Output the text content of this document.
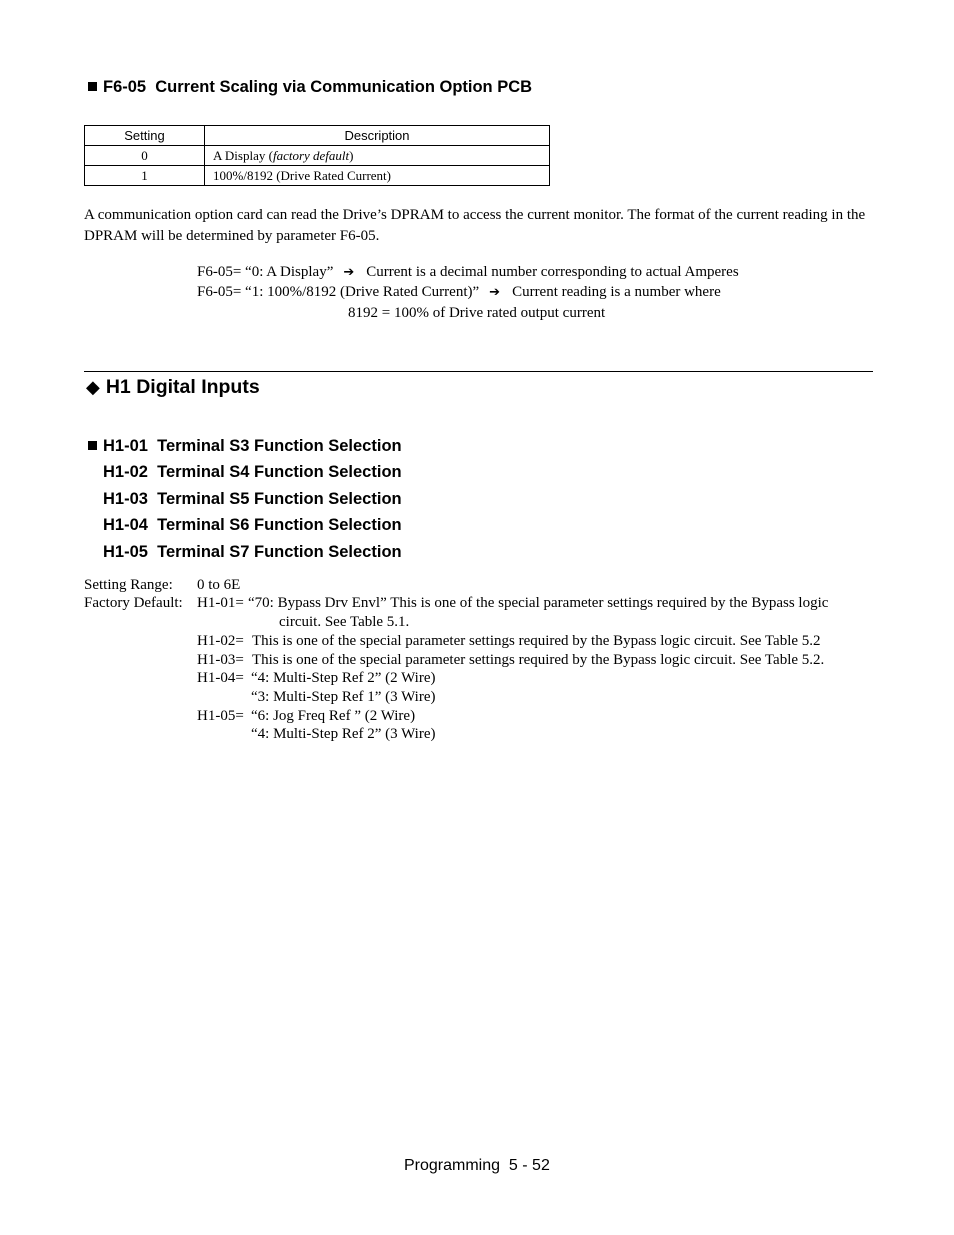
F6-05  Current Scaling via Communication Option PCB
Setting	Description
0	A Display (factory default)
1	100%/8192 (Drive Rated Current)
A communication option card can read the Drive’s DPRAM to access the current monitor. The format of the current reading in the DPRAM will be determined by parameter F6-05.
F6-05= “0: A Display” ➔ Current is a decimal number corresponding to actual Amperes
F6-05= “1: 100%/8192 (Drive Rated Current)” ➔ Current reading is a number where
8192 = 100% of Drive rated output current
◆ H1 Digital Inputs
H1-01  Terminal S3 Function Selection
H1-02  Terminal S4 Function Selection
H1-03  Terminal S5 Function Selection
H1-04  Terminal S6 Function Selection
H1-05  Terminal S7 Function Selection
Setting Range: 0 to 6E
Factory Default: H1-01= “70: Bypass Drv Envl” This is one of the special parameter settings required by the Bypass logic
circuit. See Table 5.1.
H1-02= This is one of the special parameter settings required by the Bypass logic circuit. See Table 5.2
H1-03= This is one of the special parameter settings required by the Bypass logic circuit. See Table 5.2.
H1-04= “4: Multi-Step Ref 2” (2 Wire)
“3: Multi-Step Ref 1” (3 Wire)
H1-05= “6: Jog Freq Ref ” (2 Wire)
“4: Multi-Step Ref 2” (3 Wire)
Programming  5 - 52
